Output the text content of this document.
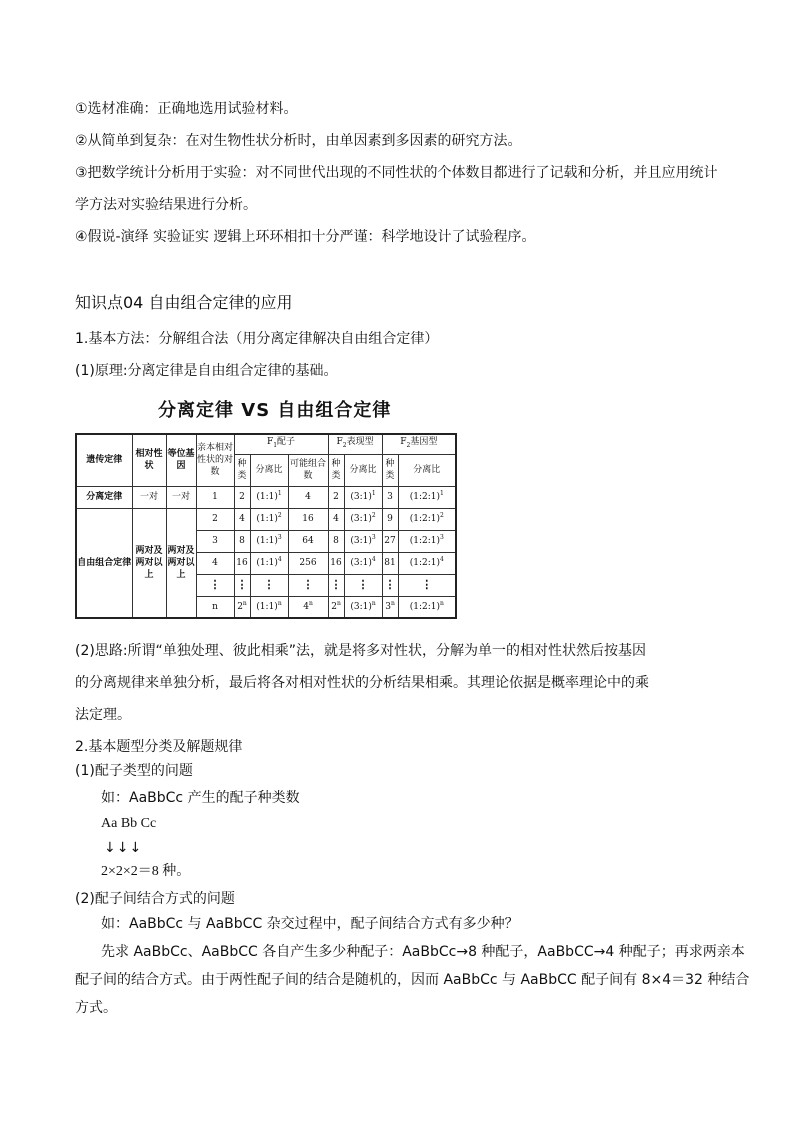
①选材准确：正确地选用试验材料。
②从简单到复杂：在对生物性状分析时，由单因素到多因素的研究方法。
③把数学统计分析用于实验：对不同世代出现的不同性状的个体数目都进行了记载和分析，并且应用统计
学方法对实验结果进行分析。
④假说-演绎 实验证实 逻辑上环环相扣十分严谨：科学地设计了试验程序。
知识点04 自由组合定律的应用
1.基本方法：分解组合法（用分离定律解决自由组合定律）
(1)原理:分离定律是自由组合定律的基础。
分离定律 VS 自由组合定律
遗传定律	相对性状	等位基因	亲本相对性状的对数	$F_1$配子			$F_2$表现型		$F_2$基因型	
				种类	分离比	可能组合数	种类	分离比	种类	分离比
分离定律	一对	一对	1	2	(1:1)$^1$	4	2	(3:1)$^1$	3	(1:2:1)$^1$
自由组合定律	两对及两对以上	两对及两对以上	2	4	(1:1)$^2$	16	4	(3:1)$^2$	9	(1:2:1)$^2$
			3	8	(1:1)$^3$	64	8	(3:1)$^3$	27	(1:2:1)$^3$
			4	16	(1:1)$^4$	256	16	(3:1)$^4$	81	(1:2:1)$^4$
			⋮	⋮	⋮	⋮	⋮	⋮	⋮	⋮
			n	2$^n$	(1:1)$^n$	4$^n$	2$^n$	(3:1)$^n$	3$^n$	(1:2:1)$^n$
(2)思路:所谓“单独处理、彼此相乘”法，就是将多对性状，分解为单一的相对性状然后按基因
的分离规律来单独分析，最后将各对相对性状的分析结果相乘。其理论依据是概率理论中的乘
法定理。
2.基本题型分类及解题规律
(1)配子类型的问题
如：AaBbCc 产生的配子种类数
Aa Bb Cc
↓↓↓
2×2×2＝8 种。
(2)配子间结合方式的问题
如：AaBbCc 与 AaBbCC 杂交过程中，配子间结合方式有多少种？
先求 AaBbCc、AaBbCC 各自产生多少种配子：AaBbCc→8 种配子，AaBbCC→4 种配子；再求两亲本
配子间的结合方式。由于两性配子间的结合是随机的，因而 AaBbCc 与 AaBbCC 配子间有 8×4＝32 种结合
方式。
